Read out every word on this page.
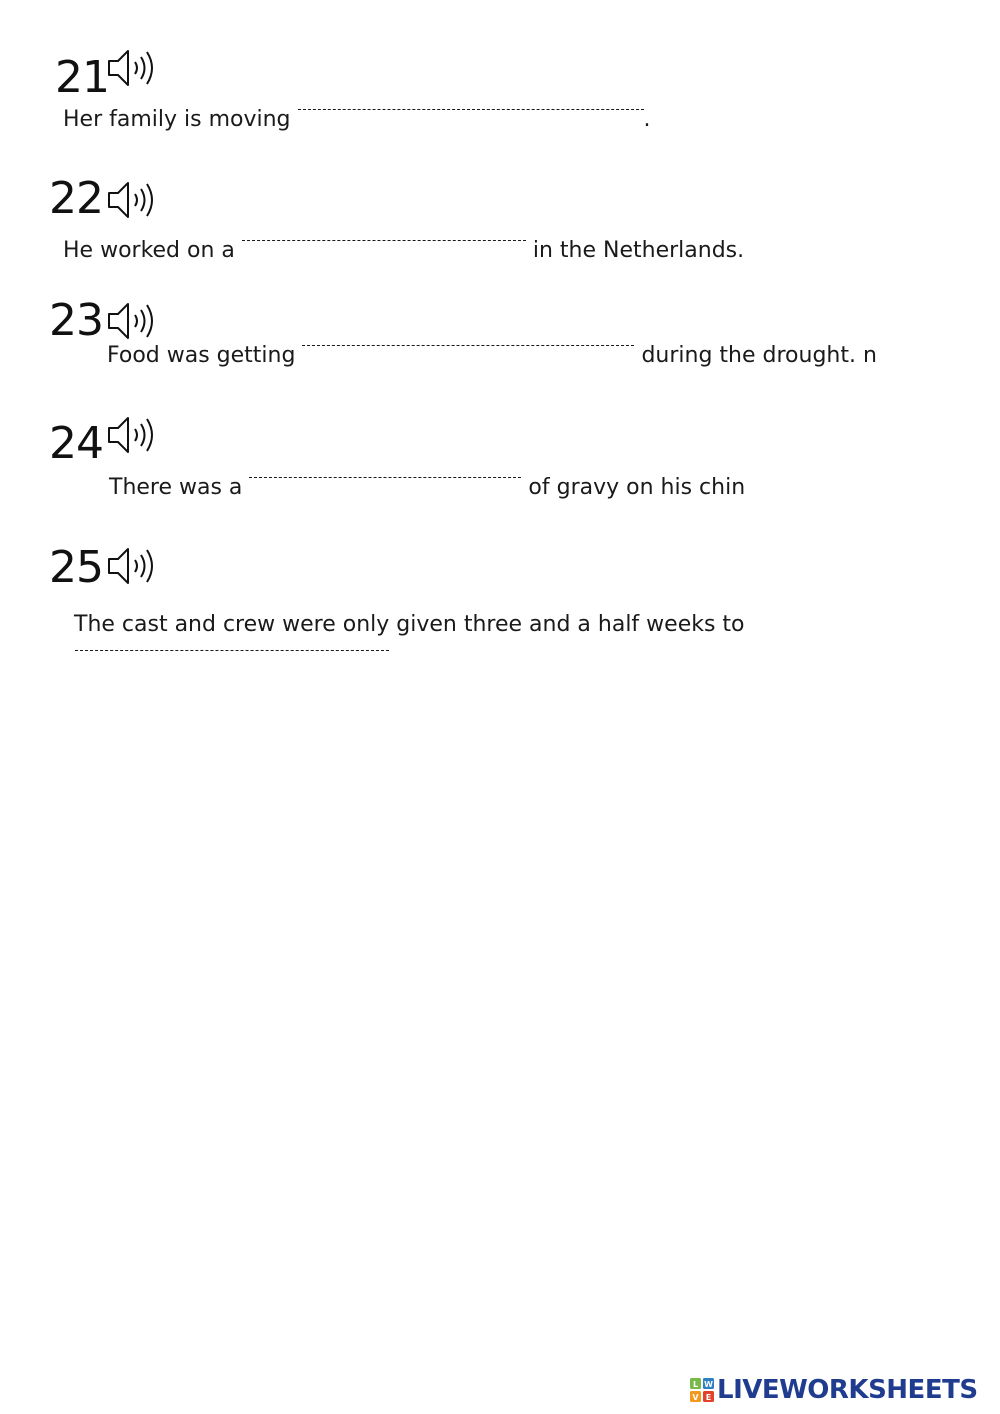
21
Her family is moving	.
22
He worked on a	in the Netherlands.
23
Food was getting	during the drought. n
24
There was a	of gravy on his chin
25
The cast and crew were only given three and a half weeks to
L W
V E LIVEWORKSHEETS
